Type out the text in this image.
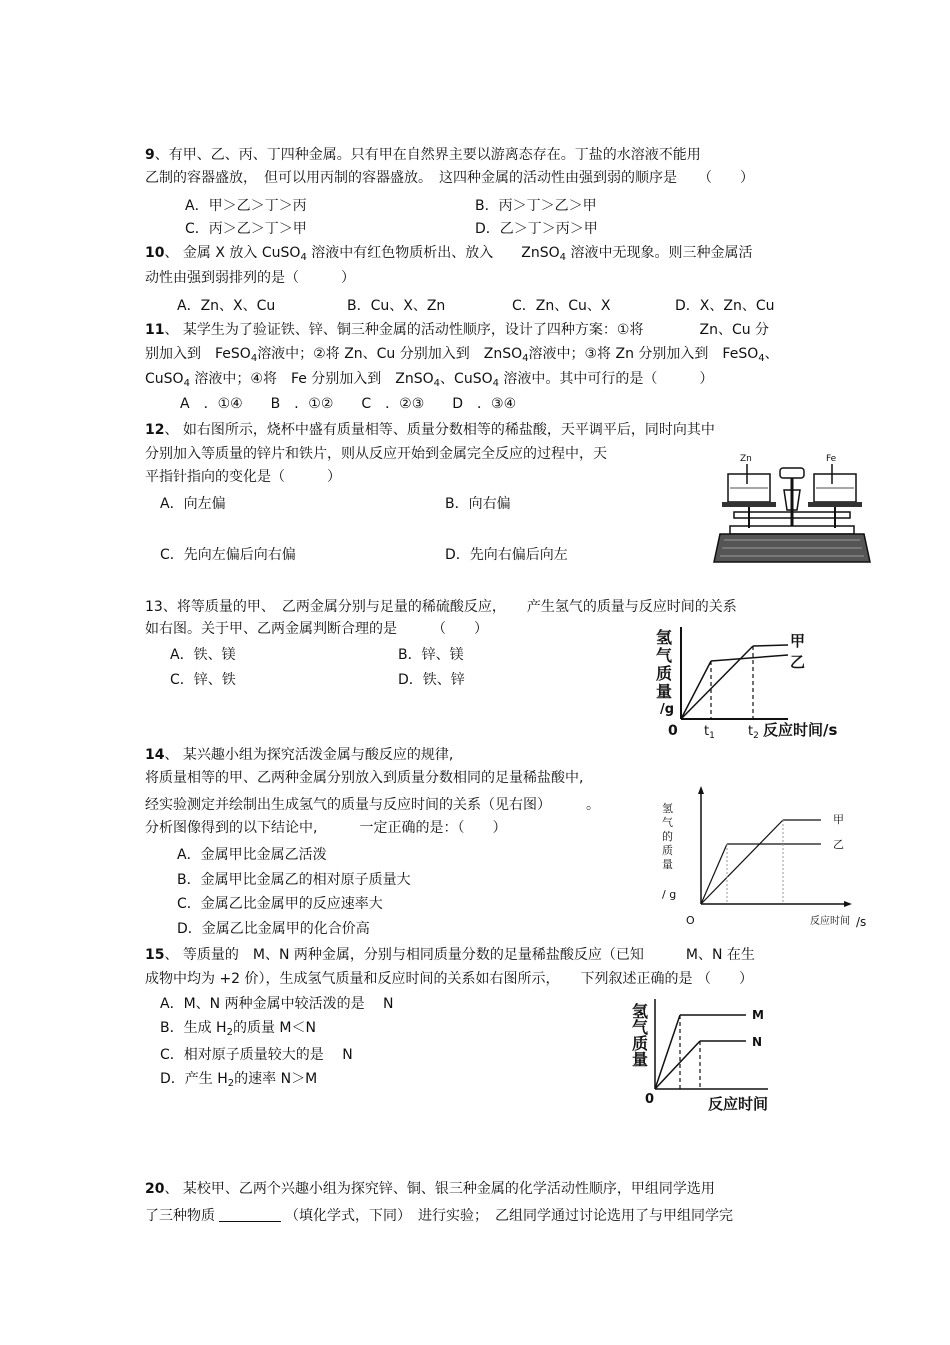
9、有甲、乙、丙、丁四种金属。只有甲在自然界主要以游离态存在。丁盐的水溶液不能用
乙制的容器盛放，　但可以用丙制的容器盛放。　这四种金属的活动性由强到弱的顺序是　　（　　）
A．甲＞乙＞丁＞丙	B．丙＞丁＞乙＞甲
C．丙＞乙＞丁＞甲	D．乙＞丁＞丙＞甲
10、 金属 X 放入 CuSO$_4$ 溶液中有红色物质析出、放入　　ZnSO$_4$ 溶液中无现象。则三种金属活
动性由强到弱排列的是（　　　）
A．Zn、X、Cu	B．Cu、X、Zn	C．Zn、Cu、X	D．X、Zn、Cu
11、 某学生为了验证铁、锌、铜三种金属的活动性顺序，设计了四种方案：①将　　　　Zn、Cu 分
别加入到　FeSO$_4$溶液中；②将 Zn、Cu 分别加入到　ZnSO$_4$溶液中；③将 Zn 分别加入到　FeSO$_4$、
CuSO$_4$ 溶液中；④将　Fe 分别加入到　ZnSO$_4$、CuSO$_4$ 溶液中。其中可行的是（　　　）
A　．①④　　B　．①②　　C　．②③　　D　．③④
12、 如右图所示，烧杯中盛有质量相等、质量分数相等的稀盐酸，天平调平后，同时向其中
分别加入等质量的锌片和铁片，则从反应开始到金属完全反应的过程中，天
平指针指向的变化是（　　　）
A．向左偏	B．向右偏
C．先向左偏后向右偏	D．先向右偏后向左
Zn	Fe
13、将等质量的甲、　乙两金属分别与足量的稀硫酸反应，　　产生氢气的质量与反应时间的关系
如右图。关于甲、乙两金属判断合理的是　　　（　　）
A．铁、镁	B．锌、镁
C．锌、铁	D．铁、锌
氢
气
质
量
/g
甲
乙
0 $t_1$	$t_2$ 反应时间/s
14、 某兴趣小组为探究活泼金属与酸反应的规律,
将质量相等的甲、乙两种金属分别放入到质量分数相同的足量稀盐酸中,
经实验测定并绘制出生成氢气的质量与反应时间的关系（见右图）　　　。
分析图像得到的以下结论中,　　　一定正确的是：（　　）
A．金属甲比金属乙活泼
B．金属甲比金属乙的相对原子质量大
C．金属乙比金属甲的反应速率大
D．金属乙比金属甲的化合价高
氢
气
的
质
量
/ g
甲
乙
O	反应时间 /s
15、 等质量的　M、N 两种金属，分别与相同质量分数的足量稀盐酸反应（已知　　　M、N 在生
成物中均为 +2 价），生成氢气质量和反应时间的关系如右图所示，　　下列叙述正确的是 （　　）
A．M、N 两种金属中较活泼的是　 N
B．生成 $H_2$的质量 M＜N
C．相对原子质量较大的是　 N
D．产生 $H_2$的速率 N＞M
氢
气
质
量
M
N
0	反应时间
20、 某校甲、乙两个兴趣小组为探究锌、铜、银三种金属的化学活动性顺序，甲组同学选用
了三种物质	（填化学式，下同）　进行实验；　乙组同学通过讨论选用了与甲组同学完
